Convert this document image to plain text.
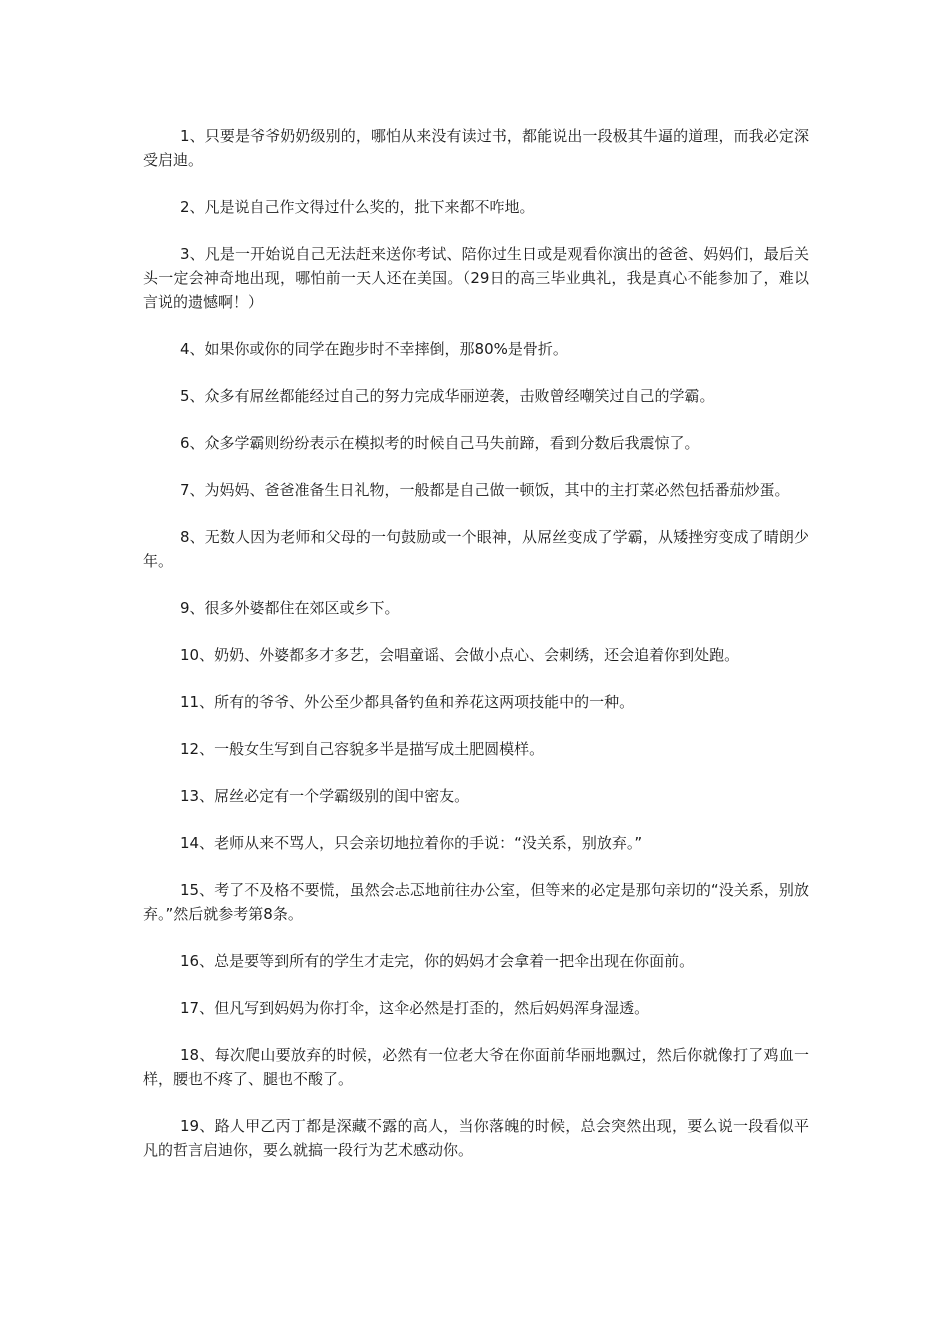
1、只要是爷爷奶奶级别的，哪怕从来没有读过书，都能说出一段极其牛逼的道理，而我必定深受启迪。

2、凡是说自己作文得过什么奖的，批下来都不咋地。

3、凡是一开始说自己无法赶来送你考试、陪你过生日或是观看你演出的爸爸、妈妈们，最后关头一定会神奇地出现，哪怕前一天人还在美国。（29日的高三毕业典礼，我是真心不能参加了，难以言说的遗憾啊！）

4、如果你或你的同学在跑步时不幸摔倒，那80%是骨折。

5、众多有屌丝都能经过自己的努力完成华丽逆袭，击败曾经嘲笑过自己的学霸。

6、众多学霸则纷纷表示在模拟考的时候自己马失前蹄，看到分数后我震惊了。

7、为妈妈、爸爸准备生日礼物，一般都是自己做一顿饭，其中的主打菜必然包括番茄炒蛋。

8、无数人因为老师和父母的一句鼓励或一个眼神，从屌丝变成了学霸，从矮挫穷变成了晴朗少年。

9、很多外婆都住在郊区或乡下。

10、奶奶、外婆都多才多艺，会唱童谣、会做小点心、会刺绣，还会追着你到处跑。

11、所有的爷爷、外公至少都具备钓鱼和养花这两项技能中的一种。

12、一般女生写到自己容貌多半是描写成土肥圆模样。

13、屌丝必定有一个学霸级别的闺中密友。

14、老师从来不骂人，只会亲切地拉着你的手说：“没关系，别放弃。”

15、考了不及格不要慌，虽然会忐忑地前往办公室，但等来的必定是那句亲切的“没关系，别放弃。”然后就参考第8条。

16、总是要等到所有的学生才走完，你的妈妈才会拿着一把伞出现在你面前。

17、但凡写到妈妈为你打伞，这伞必然是打歪的，然后妈妈浑身湿透。

18、每次爬山要放弃的时候，必然有一位老大爷在你面前华丽地飘过，然后你就像打了鸡血一样，腰也不疼了、腿也不酸了。

19、路人甲乙丙丁都是深藏不露的高人，当你落魄的时候，总会突然出现，要么说一段看似平凡的哲言启迪你，要么就搞一段行为艺术感动你。
